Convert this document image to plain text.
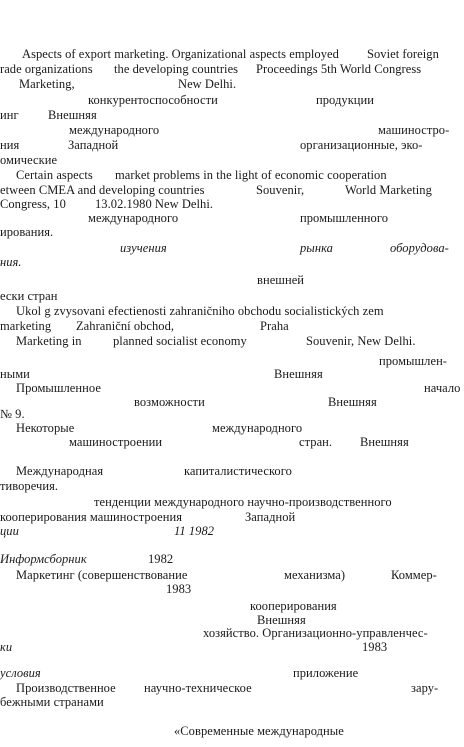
Aspects of export marketing. Organizational aspects employed Soviet foreign
rade organizations the developing countries Proceedings 5th World Congress
Marketing,	New Delhi.
конкурентоспособности	продукции
инг Внешняя
международного	машиностро-
ния	Западной	организационные, эко-
омические
Certain aspects market problems in the light of economic cooperation
etween CMEA and developing countries	Souvenir,	World Marketing
Congress, 10 13.02.1980 New Delhi.
международного	промышленного
ирования.
изучения	рынка	оборудова-
ния.
внешней
ески стран
Ukol g zvysovani efectienosti zahraničniho obchodu socialistických zem
marketing Zahraniční obchod,	Praha
Marketing in	planned socialist economy	Souvenir, New Delhi.
промышлен-
ными	Внешняя
Промышленное	начало
возможности	Внешняя
№ 9.
Некоторые	международного
машиностроении	стран. Внешняя
Международная	капиталистического
тиворечия.
тенденции международного научно-производственного
кооперирования машиностроения	Западной
ции	11 1982
Информсборник	1982
Маркетинг (совершенствование	механизма)	Коммер-
1983
кооперирования
Внешняя
хозяйство. Организационно-управленчес-
ки	1983
условия	приложение
Производственное научно-техническое	зару-
бежными странами
«Современные международные
